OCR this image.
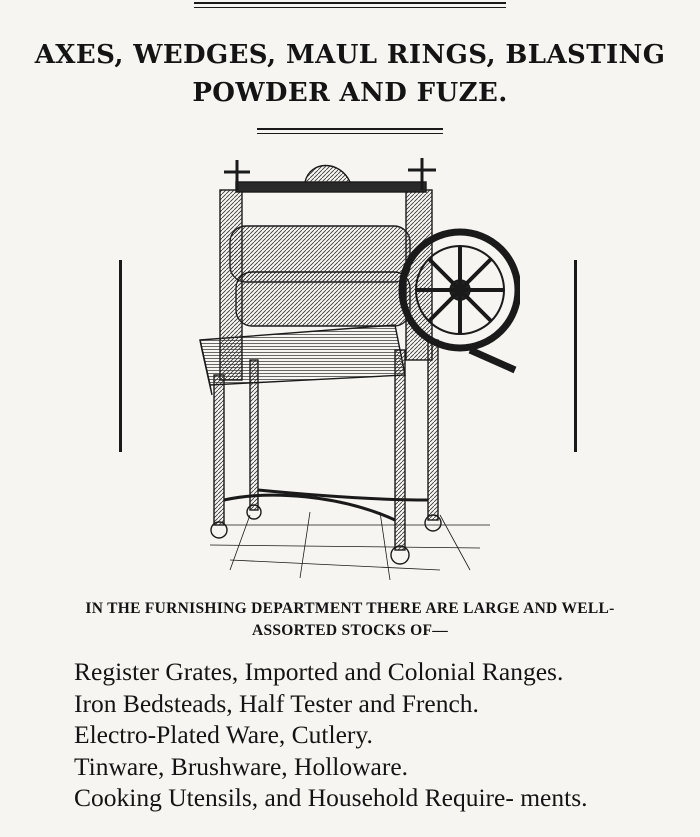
AXES, WEDGES, MAUL RINGS, BLASTING
POWDER AND FUZE.
IN THE FURNISHING DEPARTMENT THERE ARE LARGE AND WELL-
ASSORTED STOCKS OF—
Register Grates, Imported and Colonial Ranges.
Iron Bedsteads, Half Tester and French.
Electro-Plated Ware, Cutlery.
Tinware, Brushware, Holloware.
Cooking Utensils, and Household Require- ments.
